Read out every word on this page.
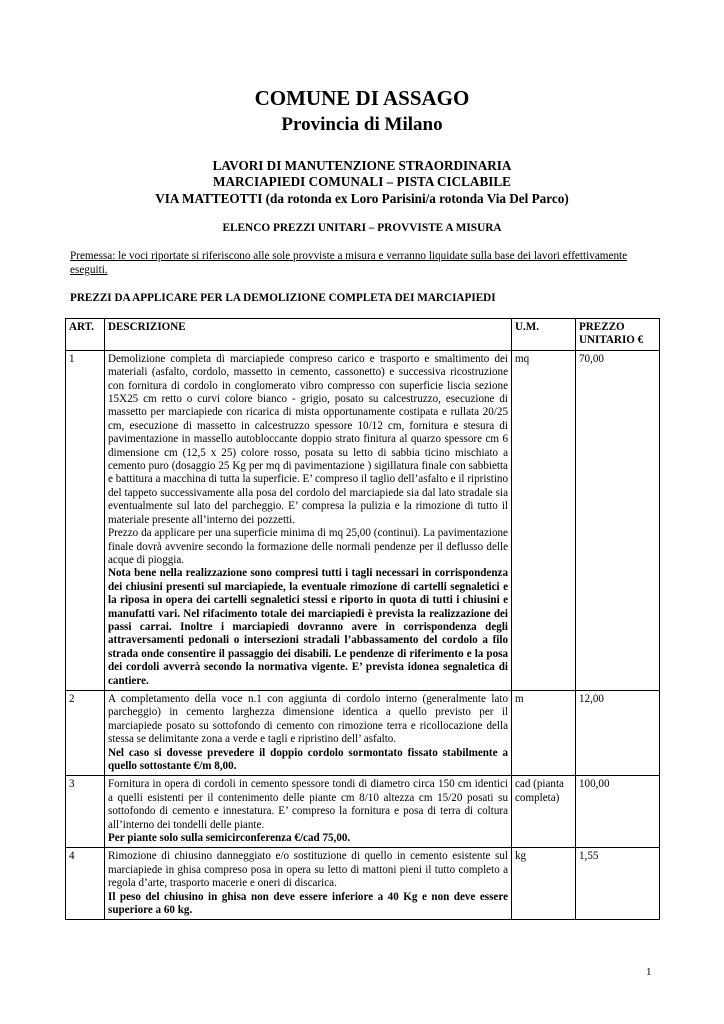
COMUNE DI ASSAGO
Provincia di Milano
LAVORI DI MANUTENZIONE STRAORDINARIA
MARCIAPIEDI COMUNALI – PISTA CICLABILE
VIA MATTEOTTI (da rotonda ex Loro Parisini/a rotonda Via Del Parco)
ELENCO PREZZI UNITARI – PROVVISTE A MISURA
Premessa: le voci riportate si riferiscono alle sole provviste a misura e verranno liquidate sulla base dei lavori effettivamente eseguiti.
PREZZI DA APPLICARE PER LA DEMOLIZIONE COMPLETA DEI MARCIAPIEDI
ART.	DESCRIZIONE	U.M.	PREZZO UNITARIO €
1	Demolizione completa di marciapiede compreso carico e trasporto e smaltimento dei materiali (asfalto, cordolo, massetto in cemento, cassonetto) e successiva ricostruzione con fornitura di cordolo in conglomerato vibro compresso con superficie liscia sezione 15X25 cm retto o curvi colore bianco - grigio, posato su calcestruzzo, esecuzione di massetto per marciapiede con ricarica di mista opportunamente costipata e rullata 20/25 cm, esecuzione di massetto in calcestruzzo spessore 10/12 cm, fornitura e stesura di pavimentazione in massello autobloccante doppio strato finitura al quarzo spessore cm 6 dimensione cm (12,5 x 25) colore rosso, posata su letto di sabbia ticino mischiato a cemento puro (dosaggio 25 Kg per mq di pavimentazione ) sigillatura finale con sabbietta e battitura a macchina di tutta la superficie. E’ compreso il taglio dell’asfalto e il ripristino del tappeto successivamente alla posa del cordolo del marciapiede sia dal lato stradale sia eventualmente sul lato del parcheggio. E’ compresa la pulizia e la rimozione di tutto il materiale presente all’interno dei pozzetti.

Prezzo da applicare per una superficie minima di mq 25,00 (continui). La pavimentazione finale dovrà avvenire secondo la formazione delle normali pendenze per il deflusso delle acque di pioggia.

Nota bene nella realizzazione sono compresi tutti i tagli necessari in corrispondenza dei chiusini presenti sul marciapiede, la eventuale rimozione di cartelli segnaletici e la riposa in opera dei cartelli segnaletici stessi e riporto in quota di tutti i chiusini e manufatti vari. Nel rifacimento totale dei marciapiedi è prevista la realizzazione dei passi carrai. Inoltre i marciapiedi dovranno avere in corrispondenza degli attraversamenti pedonali o intersezioni stradali l’abbassamento del cordolo a filo strada onde consentire il passaggio dei disabili. Le pendenze di riferimento e la posa dei cordoli avverrà secondo la normativa vigente. E’ prevista idonea segnaletica di cantiere.	mq	70,00
2	A completamento della voce n.1 con aggiunta di cordolo interno (generalmente lato parcheggio) in cemento larghezza dimensione identica a quello previsto per il marciapiede posato su sottofondo di cemento con rimozione terra e ricollocazione della stessa se delimitante zona a verde e tagli e ripristino dell’ asfalto.

Nel caso si dovesse prevedere il doppio cordolo sormontato fissato stabilmente a quello sottostante €/m 8,00.	m	12,00
3	Fornitura in opera di cordoli in cemento spessore tondi di diametro circa 150 cm identici a quelli esistenti per il contenimento delle piante cm 8/10 altezza cm 15/20 posati su sottofondo di cemento e innestatura. E’ compreso la fornitura e posa di terra di coltura all’interno dei tondelli delle piante.

Per piante solo sulla semicirconferenza €/cad 75,00.	cad (pianta completa)	100,00
4	Rimozione di chiusino danneggiato e/o sostituzione di quello in cemento esistente sul marciapiede in ghisa compreso posa in opera su letto di mattoni pieni il tutto completo a regola d’arte, trasporto macerie e oneri di discarica.

Il peso del chiusino in ghisa non deve essere inferiore a 40 Kg e non deve essere superiore a 60 kg.	kg	1,55
1
